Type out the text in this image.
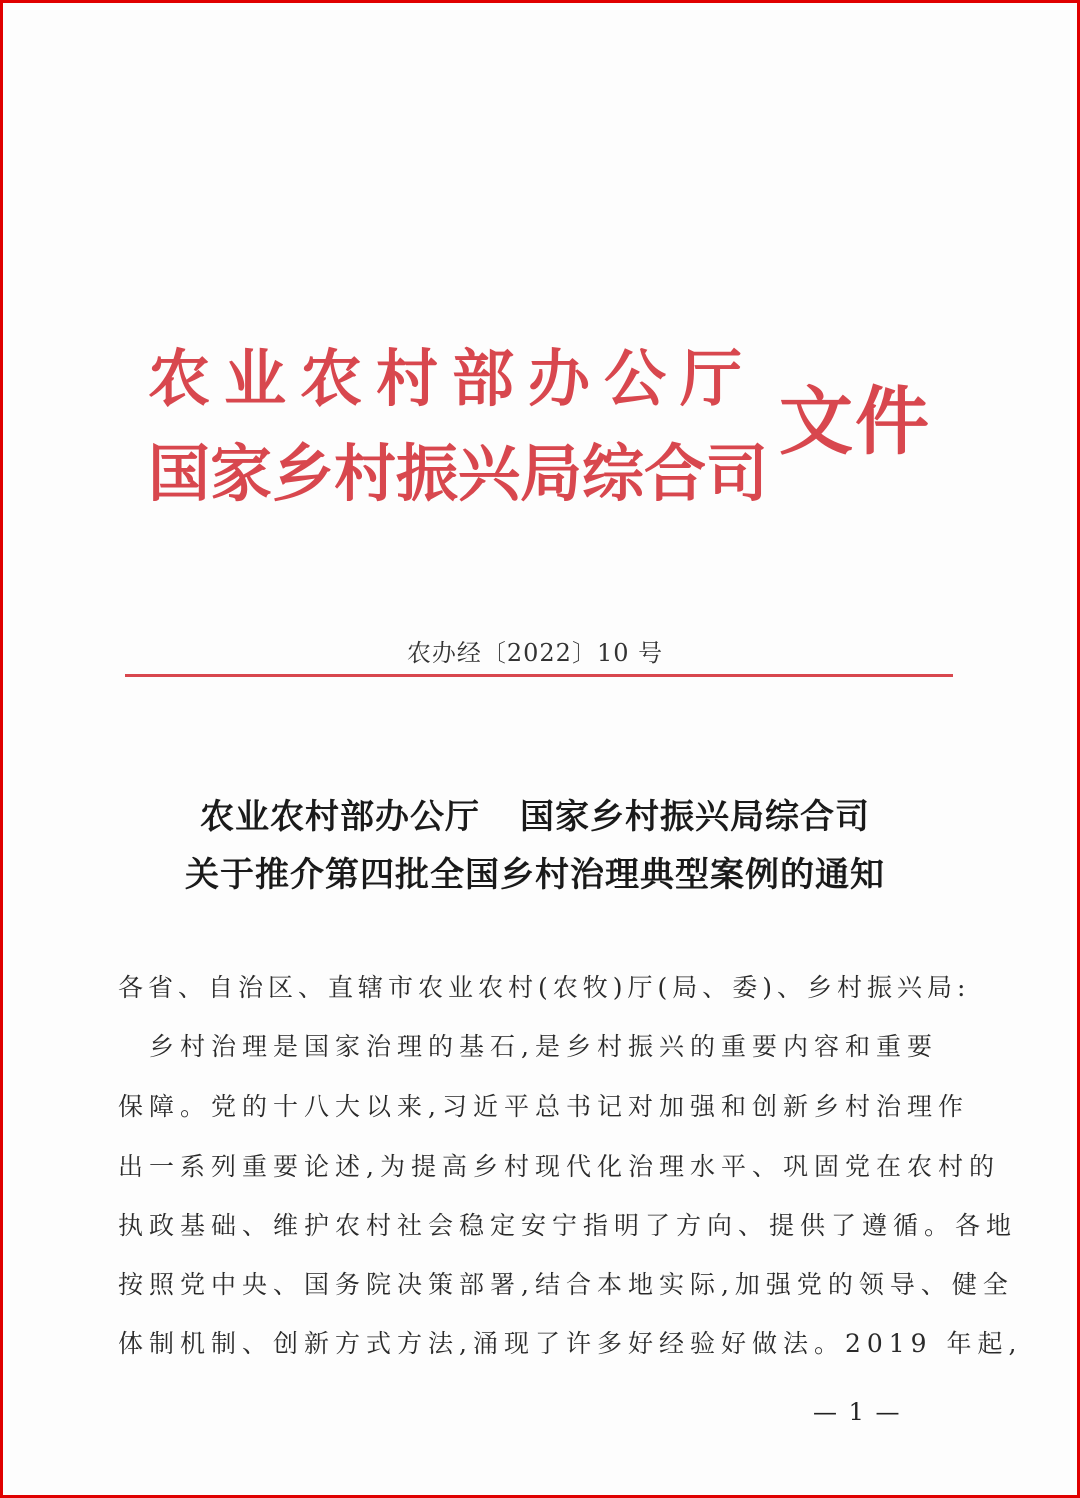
农业农村部办公厅
国家乡村振兴局综合司
文件
农办经〔2022〕10 号
农业农村部办公厅 国家乡村振兴局综合司
关于推介第四批全国乡村治理典型案例的通知
各省、自治区、直辖市农业农村(农牧)厅(局、委)、乡村振兴局:
　乡村治理是国家治理的基石,是乡村振兴的重要内容和重要
保障。党的十八大以来,习近平总书记对加强和创新乡村治理作
出一系列重要论述,为提高乡村现代化治理水平、巩固党在农村的
执政基础、维护农村社会稳定安宁指明了方向、提供了遵循。各地
按照党中央、国务院决策部署,结合本地实际,加强党的领导、健全
体制机制、创新方式方法,涌现了许多好经验好做法。2019 年起,
— 1 —
